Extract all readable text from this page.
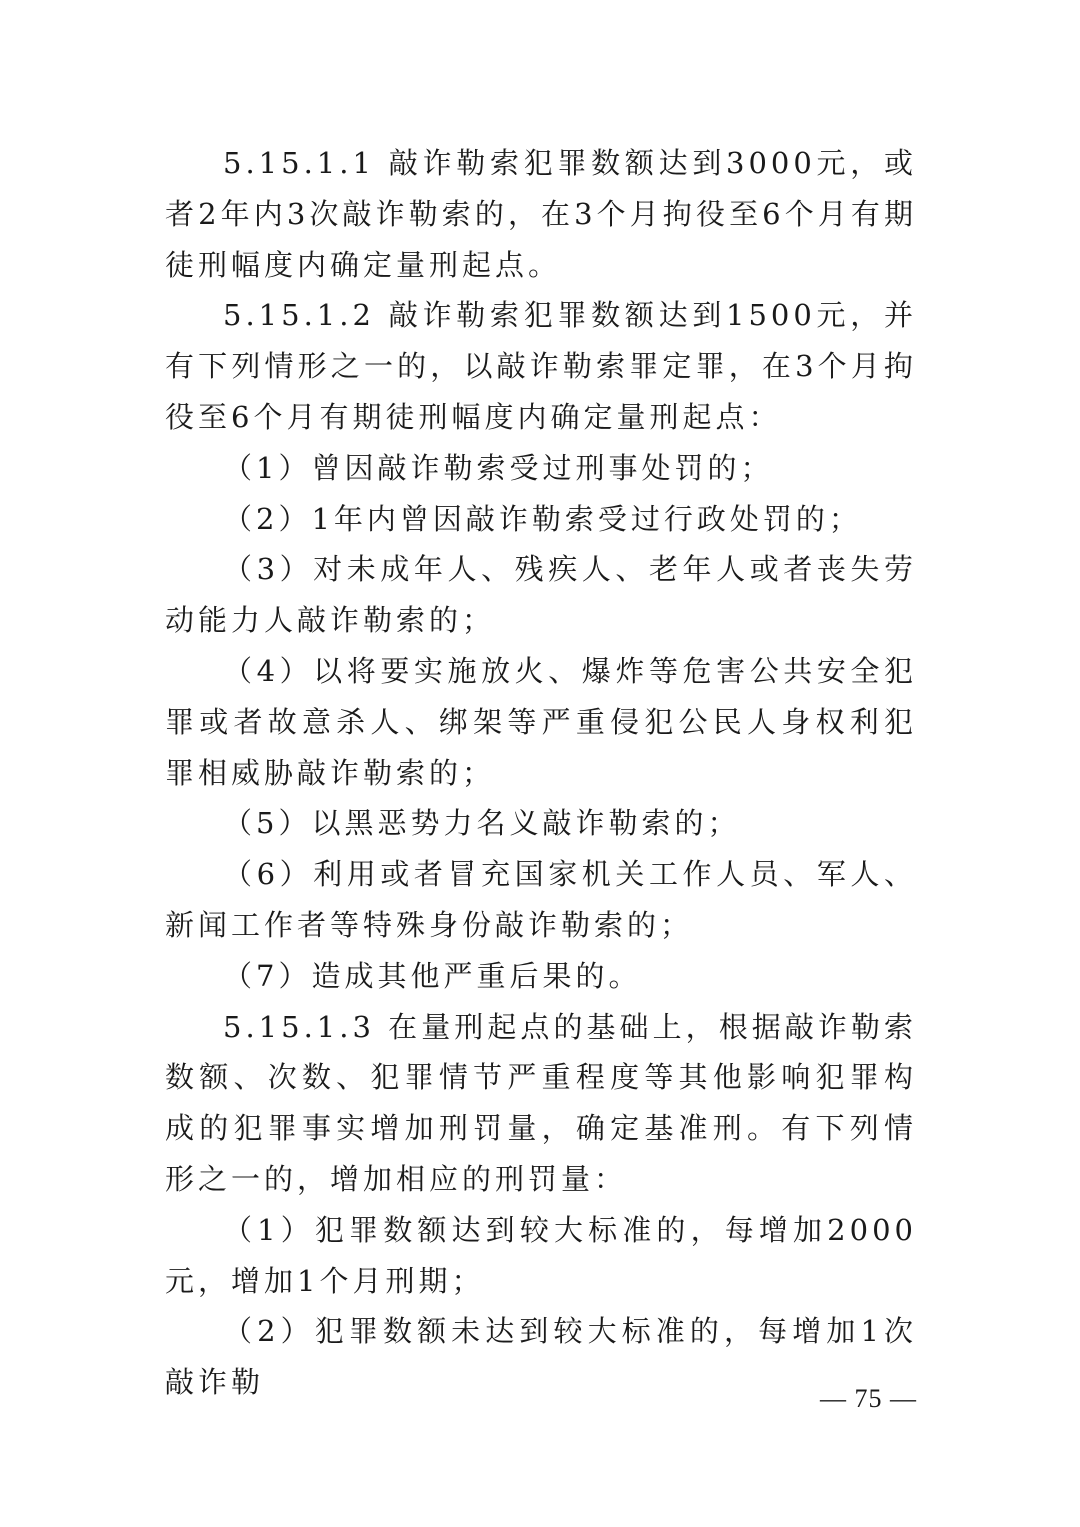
5.15.1.1 敲诈勒索犯罪数额达到3000元，或者2年内3次敲诈勒索的，在3个月拘役至6个月有期徒刑幅度内确定量刑起点。

5.15.1.2 敲诈勒索犯罪数额达到1500元，并有下列情形之一的，以敲诈勒索罪定罪，在3个月拘役至6个月有期徒刑幅度内确定量刑起点：

（1）曾因敲诈勒索受过刑事处罚的；

（2）1年内曾因敲诈勒索受过行政处罚的；

（3）对未成年人、残疾人、老年人或者丧失劳动能力人敲诈勒索的；

（4）以将要实施放火、爆炸等危害公共安全犯罪或者故意杀人、绑架等严重侵犯公民人身权利犯罪相威胁敲诈勒索的；

（5）以黑恶势力名义敲诈勒索的；

（6）利用或者冒充国家机关工作人员、军人、新闻工作者等特殊身份敲诈勒索的；

（7）造成其他严重后果的。

5.15.1.3 在量刑起点的基础上，根据敲诈勒索数额、次数、犯罪情节严重程度等其他影响犯罪构成的犯罪事实增加刑罚量，确定基准刑。有下列情形之一的，增加相应的刑罚量：

（1）犯罪数额达到较大标准的，每增加2000元，增加1个月刑期；

（2）犯罪数额未达到较大标准的，每增加1次敲诈勒	— 75 —
